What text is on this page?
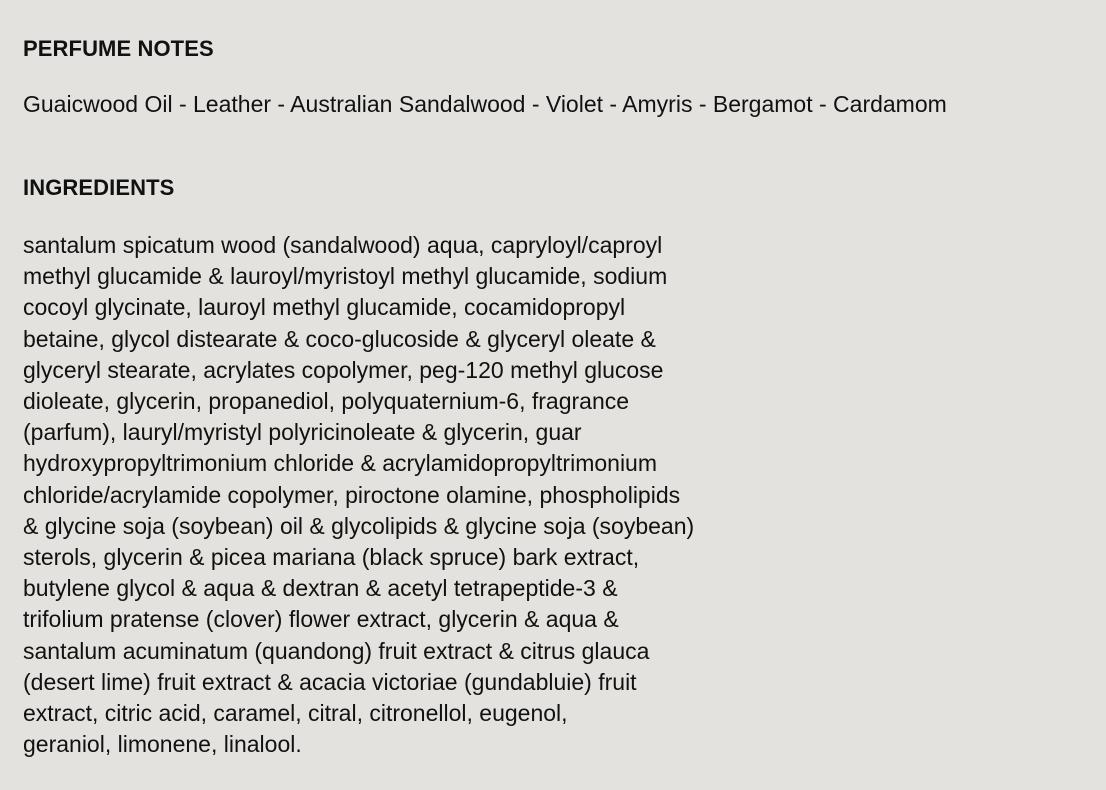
PERFUME NOTES

Guaicwood Oil - Leather - Australian Sandalwood - Violet - Amyris - Bergamot - Cardamom

INGREDIENTS

santalum spicatum wood (sandalwood) aqua, capryloyl/caproyl
methyl glucamide & lauroyl/myristoyl methyl glucamide, sodium
cocoyl glycinate, lauroyl methyl glucamide, cocamidopropyl
betaine, glycol distearate & coco-glucoside & glyceryl oleate &
glyceryl stearate, acrylates copolymer, peg-120 methyl glucose
dioleate, glycerin, propanediol, polyquaternium-6, fragrance
(parfum), lauryl/myristyl polyricinoleate & glycerin, guar
hydroxypropyltrimonium chloride & acrylamidopropyltrimonium
chloride/acrylamide copolymer, piroctone olamine, phospholipids
& glycine soja (soybean) oil & glycolipids & glycine soja (soybean)
sterols, glycerin & picea mariana (black spruce) bark extract,
butylene glycol & aqua & dextran & acetyl tetrapeptide-3 &
trifolium pratense (clover) flower extract, glycerin & aqua &
santalum acuminatum (quandong) fruit extract & citrus glauca
(desert lime) fruit extract & acacia victoriae (gundabluie) fruit
extract, citric acid, caramel, citral, citronellol, eugenol,
geraniol, limonene, linalool.
